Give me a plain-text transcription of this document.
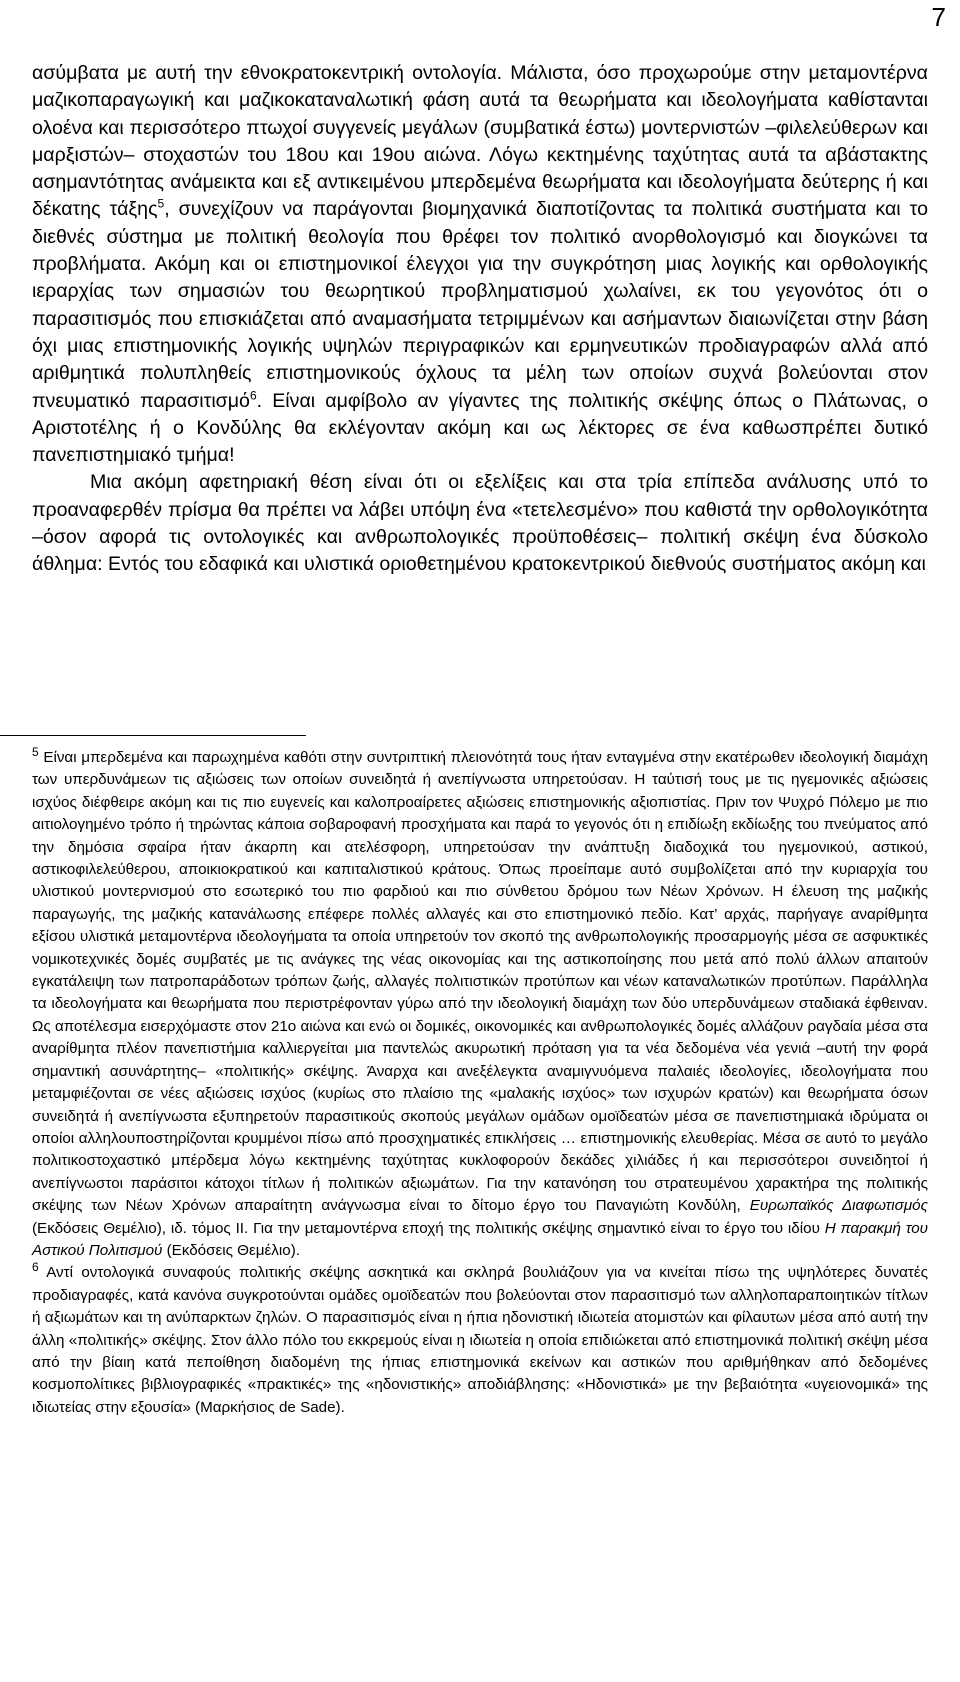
7

ασύμβατα με αυτή την εθνοκρατοκεντρική οντολογία. Μάλιστα, όσο προχωρούμε στην μεταμοντέρνα μαζικοπαραγωγική και μαζικοκαταναλωτική φάση αυτά τα θεωρήματα και ιδεολογήματα καθίστανται ολοένα και περισσότερο πτωχοί συγγενείς μεγάλων (συμβατικά έστω) μοντερνιστών –φιλελεύθερων και μαρξιστών– στοχαστών του 18ου και 19ου αιώνα. Λόγω κεκτημένης ταχύτητας αυτά τα αβάστακτης ασημαντότητας ανάμεικτα και εξ αντικειμένου μπερδεμένα θεωρήματα και ιδεολογήματα δεύτερης ή και δέκατης τάξης$^5$, συνεχίζουν να παράγονται βιομηχανικά διαποτίζοντας τα πολιτικά συστήματα και το διεθνές σύστημα με πολιτική θεολογία που θρέφει τον πολιτικό ανορθολογισμό και διογκώνει τα προβλήματα. Ακόμη και οι επιστημονικοί έλεγχοι για την συγκρότηση μιας λογικής και ορθολογικής ιεραρχίας των σημασιών του θεωρητικού προβληματισμού χωλαίνει, εκ του γεγονότος ότι ο παρασιτισμός που επισκιάζεται από αναμασήματα τετριμμένων και ασήμαντων διαιωνίζεται στην βάση όχι μιας επιστημονικής λογικής υψηλών περιγραφικών και ερμηνευτικών προδιαγραφών αλλά από αριθμητικά πολυπληθείς επιστημονικούς όχλους τα μέλη των οποίων συχνά βολεύονται στον πνευματικό παρασιτισμό$^6$. Είναι αμφίβολο αν γίγαντες της πολιτικής σκέψης όπως ο Πλάτωνας, ο Αριστοτέλης ή ο Κονδύλης θα εκλέγονταν ακόμη και ως λέκτορες σε ένα καθωσπρέπει δυτικό πανεπιστημιακό τμήμα!

Μια ακόμη αφετηριακή θέση είναι ότι οι εξελίξεις και στα τρία επίπεδα ανάλυσης υπό το προαναφερθέν πρίσμα θα πρέπει να λάβει υπόψη ένα «τετελεσμένο» που καθιστά την ορθολογικότητα –όσον αφορά τις οντολογικές και ανθρωπολογικές προϋποθέσεις– πολιτική σκέψη ένα δύσκολο άθλημα: Εντός του εδαφικά και υλιστικά οριοθετημένου κρατοκεντρικού διεθνούς συστήματος ακόμη και

$^5$ Είναι μπερδεμένα και παρωχημένα καθότι στην συντριπτική πλειονότητά τους ήταν ενταγμένα στην εκατέρωθεν ιδεολογική διαμάχη των υπερδυνάμεων τις αξιώσεις των οποίων συνειδητά ή ανεπίγνωστα υπηρετούσαν. Η ταύτισή τους με τις ηγεμονικές αξιώσεις ισχύος διέφθειρε ακόμη και τις πιο ευγενείς και καλοπροαίρετες αξιώσεις επιστημονικής αξιοπιστίας. Πριν τον Ψυχρό Πόλεμο με πιο αιτιολογημένο τρόπο ή τηρώντας κάποια σοβαροφανή προσχήματα και παρά το γεγονός ότι η επιδίωξη εκδίωξης του πνεύματος από την δημόσια σφαίρα ήταν άκαρπη και ατελέσφορη, υπηρετούσαν την ανάπτυξη διαδοχικά του ηγεμονικού, αστικού, αστικοφιλελεύθερου, αποικιοκρατικού και καπιταλιστικού κράτους. Όπως προείπαμε αυτό συμβολίζεται από την κυριαρχία του υλιστικού μοντερνισμού στο εσωτερικό του πιο φαρδιού και πιο σύνθετου δρόμου των Νέων Χρόνων. Η έλευση της μαζικής παραγωγής, της μαζικής κατανάλωσης επέφερε πολλές αλλαγές και στο επιστημονικό πεδίο. Κατ’ αρχάς, παρήγαγε αναρίθμητα εξίσου υλιστικά μεταμοντέρνα ιδεολογήματα τα οποία υπηρετούν τον σκοπό της ανθρωπολογικής προσαρμογής μέσα σε ασφυκτικές νομικοτεχνικές δομές συμβατές με τις ανάγκες της νέας οικονομίας και της αστικοποίησης που μετά από πολύ άλλων απαιτούν εγκατάλειψη των πατροπαράδοτων τρόπων ζωής, αλλαγές πολιτιστικών προτύπων και νέων καταναλωτικών προτύπων. Παράλληλα τα ιδεολογήματα και θεωρήματα που περιστρέφονταν γύρω από την ιδεολογική διαμάχη των δύο υπερδυνάμεων σταδιακά έφθειναν. Ως αποτέλεσμα εισερχόμαστε στον 21ο αιώνα και ενώ οι δομικές, οικονομικές και ανθρωπολογικές δομές αλλάζουν ραγδαία μέσα στα αναρίθμητα πλέον πανεπιστήμια καλλιεργείται μια παντελώς ακυρωτική πρόταση για τα νέα δεδομένα νέα γενιά –αυτή την φορά σημαντική ασυνάρτητης– «πολιτικής» σκέψης. Άναρχα και ανεξέλεγκτα αναμιγνυόμενα παλαιές ιδεολογίες, ιδεολογήματα που μεταμφιέζονται σε νέες αξιώσεις ισχύος (κυρίως στο πλαίσιο της «μαλακής ισχύος» των ισχυρών κρατών) και θεωρήματα όσων συνειδητά ή ανεπίγνωστα εξυπηρετούν παρασιτικούς σκοπούς μεγάλων ομάδων ομοϊδεατών μέσα σε πανεπιστημιακά ιδρύματα οι οποίοι αλληλουποστηρίζονται κρυμμένοι πίσω από προσχηματικές επικλήσεις … επιστημονικής ελευθερίας. Μέσα σε αυτό το μεγάλο πολιτικοστοχαστικό μπέρδεμα λόγω κεκτημένης ταχύτητας κυκλοφορούν δεκάδες χιλιάδες ή και περισσότεροι συνειδητοί ή ανεπίγνωστοι παράσιτοι κάτοχοι τίτλων ή πολιτικών αξιωμάτων. Για την κατανόηση του στρατευμένου χαρακτήρα της πολιτικής σκέψης των Νέων Χρόνων απαραίτητη ανάγνωσμα είναι το δίτομο έργο του Παναγιώτη Κονδύλη, Ευρωπαϊκός Διαφωτισμός (Εκδόσεις Θεμέλιο), ιδ. τόμος ΙΙ. Για την μεταμοντέρνα εποχή της πολιτικής σκέψης σημαντικό είναι το έργο του ιδίου Η παρακμή του Αστικού Πολιτισμού (Εκδόσεις Θεμέλιο).

$^6$ Αντί οντολογικά συναφούς πολιτικής σκέψης ασκητικά και σκληρά βουλιάζουν για να κινείται πίσω της υψηλότερες δυνατές προδιαγραφές, κατά κανόνα συγκροτούνται ομάδες ομοϊδεατών που βολεύονται στον παρασιτισμό των αλληλοπαραποιητικών τίτλων ή αξιωμάτων και τη ανύπαρκτων ζηλών. Ο παρασιτισμός είναι η ήπια ηδονιστική ιδιωτεία ατομιστών και φίλαυτων μέσα από αυτή την άλλη «πολιτικής» σκέψης. Στον άλλο πόλο του εκκρεμούς είναι η ιδιωτεία η οποία επιδιώκεται από επιστημονικά πολιτική σκέψη μέσα από την βίαιη κατά πεποίθηση διαδομένη της ήπιας επιστημονικά εκείνων και αστικών που αριθμήθηκαν από δεδομένες κοσμοπολίτικες βιβλιογραφικές «πρακτικές» της «ηδονιστικής» αποδιάβλησης: «Ηδονιστικά» με την βεβαιότητα «υγειονομικά» της ιδιωτείας στην εξουσία» (Μαρκήσιος de Sade).
